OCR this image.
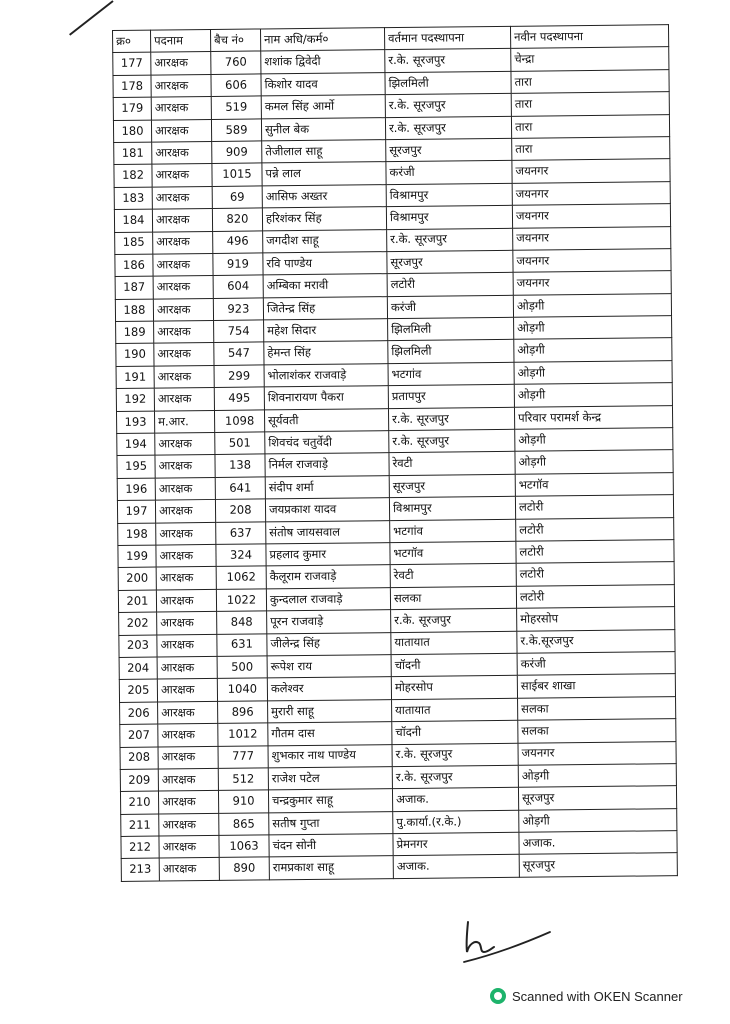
क्र०	पदनाम	बैच नं०	नाम अधि/कर्म०	वर्तमान पदस्थापना	नवीन पदस्थापना
177	आरक्षक	760	शशांक द्विवेदी	र.के. सूरजपुर	चेन्द्रा
178	आरक्षक	606	किशोर यादव	झिलमिली	तारा
179	आरक्षक	519	कमल सिंह आर्मो	र.के. सूरजपुर	तारा
180	आरक्षक	589	सुनील बेक	र.के. सूरजपुर	तारा
181	आरक्षक	909	तेजीलाल साहू	सूरजपुर	तारा
182	आरक्षक	1015	पन्ने लाल	करंजी	जयनगर
183	आरक्षक	69	आसिफ अख्तर	विश्रामपुर	जयनगर
184	आरक्षक	820	हरिशंकर सिंह	विश्रामपुर	जयनगर
185	आरक्षक	496	जगदीश साहू	र.के. सूरजपुर	जयनगर
186	आरक्षक	919	रवि पाण्डेय	सूरजपुर	जयनगर
187	आरक्षक	604	अम्बिका मरावी	लटोरी	जयनगर
188	आरक्षक	923	जितेन्द्र सिंह	करंजी	ओड़गी
189	आरक्षक	754	महेश सिदार	झिलमिली	ओड़गी
190	आरक्षक	547	हेमन्त सिंह	झिलमिली	ओड़गी
191	आरक्षक	299	भोलाशंकर राजवाड़े	भटगांव	ओड़गी
192	आरक्षक	495	शिवनारायण पैकरा	प्रतापपुर	ओड़गी
193	म.आर.	1098	सूर्यवती	र.के. सूरजपुर	परिवार परामर्श केन्द्र
194	आरक्षक	501	शिवचंद चतुर्वेदी	र.के. सूरजपुर	ओड़गी
195	आरक्षक	138	निर्मल राजवाड़े	रेवटी	ओड़गी
196	आरक्षक	641	संदीप शर्मा	सूरजपुर	भटगॉव
197	आरक्षक	208	जयप्रकाश यादव	विश्रामपुर	लटोरी
198	आरक्षक	637	संतोष जायसवाल	भटगांव	लटोरी
199	आरक्षक	324	प्रहलाद कुमार	भटगॉव	लटोरी
200	आरक्षक	1062	कैलूराम राजवाड़े	रेवटी	लटोरी
201	आरक्षक	1022	कुन्दलाल राजवाड़े	सलका	लटोरी
202	आरक्षक	848	पूरन राजवाड़े	र.के. सूरजपुर	मोहरसोप
203	आरक्षक	631	जीलेन्द्र सिंह	यातायात	र.के.सूरजपुर
204	आरक्षक	500	रूपेश राय	चॉदनी	करंजी
205	आरक्षक	1040	कलेश्वर	मोहरसोप	साईबर शाखा
206	आरक्षक	896	मुरारी साहू	यातायात	सलका
207	आरक्षक	1012	गौतम दास	चॉदनी	सलका
208	आरक्षक	777	शुभकार नाथ पाण्डेय	र.के. सूरजपुर	जयनगर
209	आरक्षक	512	राजेश पटेल	र.के. सूरजपुर	ओड़गी
210	आरक्षक	910	चन्द्रकुमार साहू	अजाक.	सूरजपुर
211	आरक्षक	865	सतीष गुप्ता	पु.कार्या.(र.के.)	ओड़गी
212	आरक्षक	1063	चंदन सोनी	प्रेमनगर	अजाक.
213	आरक्षक	890	रामप्रकाश साहू	अजाक.	सूरजपुर
Scanned with OKEN Scanner
